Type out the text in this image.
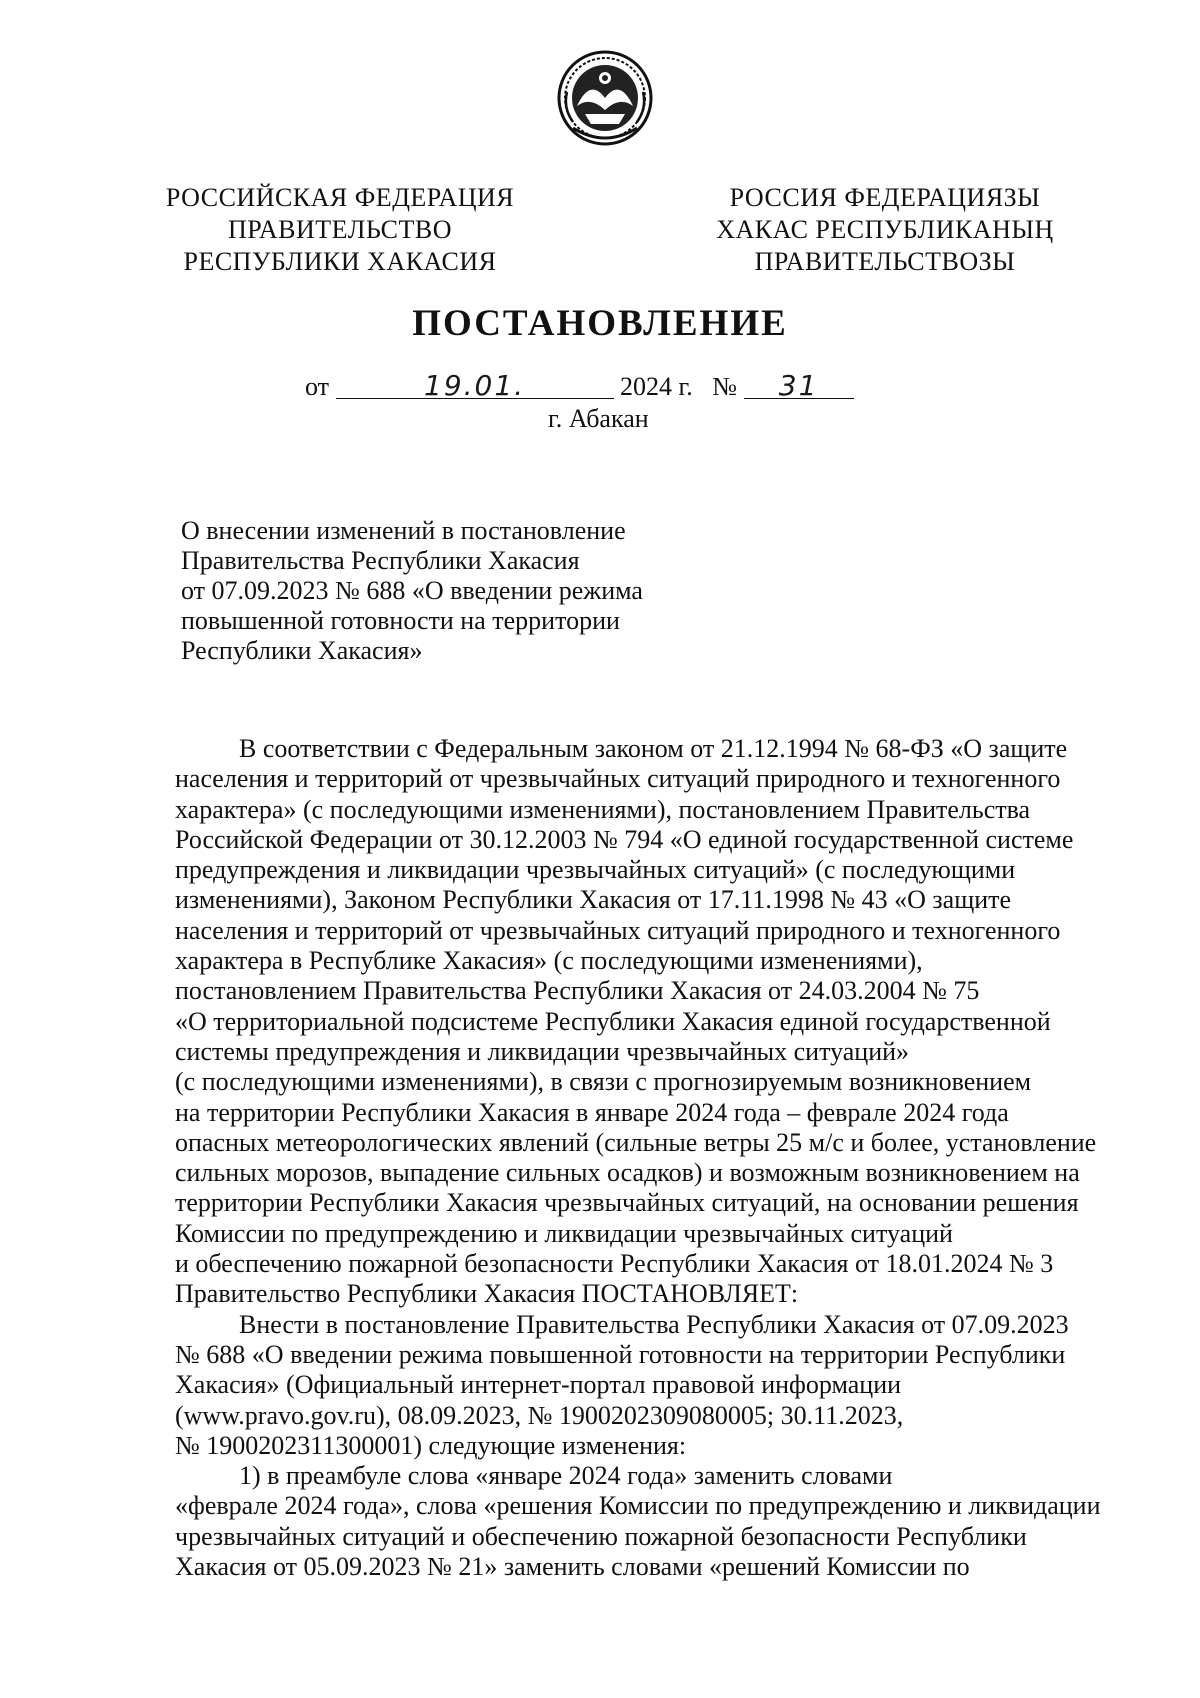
РОССИЙСКАЯ ФЕДЕРАЦИЯ
ПРАВИТЕЛЬСТВО
РЕСПУБЛИКИ ХАКАСИЯ
РОССИЯ ФЕДЕРАЦИЯЗЫ
ХАКАС РЕСПУБЛИКАНЫҢ
ПРАВИТЕЛЬСТВОЗЫ
ПОСТАНОВЛЕНИЕ
от	19.01.	2024 г. № 31
г. Абакан
О внесении изменений в постановление
Правительства Республики Хакасия
от 07.09.2023 № 688 «О введении режима
повышенной готовности на территории
Республики Хакасия»
В соответствии с Федеральным законом от 21.12.1994 № 68-ФЗ «О защите
населения и территорий от чрезвычайных ситуаций природного и техногенного
характера» (с последующими изменениями), постановлением Правительства
Российской Федерации от 30.12.2003 № 794 «О единой государственной системе
предупреждения и ликвидации чрезвычайных ситуаций» (с последующими
изменениями), Законом Республики Хакасия от 17.11.1998 № 43 «О защите
населения и территорий от чрезвычайных ситуаций природного и техногенного
характера в Республике Хакасия» (с последующими изменениями),
постановлением Правительства Республики Хакасия от 24.03.2004 № 75
«О территориальной подсистеме Республики Хакасия единой государственной
системы предупреждения и ликвидации чрезвычайных ситуаций»
(с последующими изменениями), в связи с прогнозируемым возникновением
на территории Республики Хакасия в январе 2024 года – феврале 2024 года
опасных метеорологических явлений (сильные ветры 25 м/с и более, установление
сильных морозов, выпадение сильных осадков) и возможным возникновением на
территории Республики Хакасия чрезвычайных ситуаций, на основании решения
Комиссии по предупреждению и ликвидации чрезвычайных ситуаций
и обеспечению пожарной безопасности Республики Хакасия от 18.01.2024 № 3
Правительство Республики Хакасия ПОСТАНОВЛЯЕТ:
Внести в постановление Правительства Республики Хакасия от 07.09.2023
№ 688 «О введении режима повышенной готовности на территории Республики
Хакасия» (Официальный интернет-портал правовой информации
(www.pravo.gov.ru), 08.09.2023, № 1900202309080005; 30.11.2023,
№ 1900202311300001) следующие изменения:
1) в преамбуле слова «январе 2024 года» заменить словами
«феврале 2024 года», слова «решения Комиссии по предупреждению и ликвидации
чрезвычайных ситуаций и обеспечению пожарной безопасности Республики
Хакасия от 05.09.2023 № 21» заменить словами «решений Комиссии по
